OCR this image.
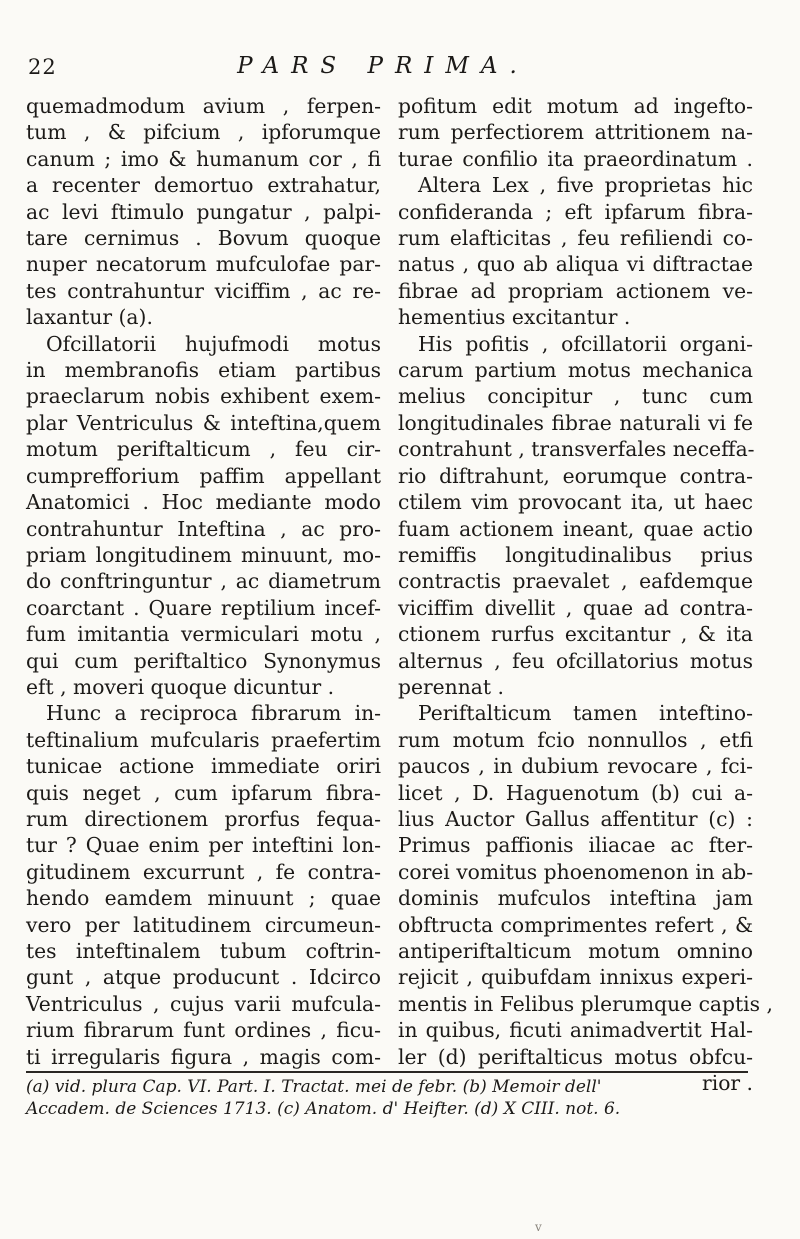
22	PARS PRIMA.
quemadmodum avium , ferpen-
tum , & pifcium , ipforumque
canum ; imo & humanum cor , fi
a recenter demortuo extrahatur,
ac levi ftimulo pungatur , palpi-
tare cernimus . Bovum quoque
nuper necatorum mufculofae par-
tes contrahuntur viciffim , ac re-
laxantur (a).
Ofcillatorii hujufmodi motus
in membranofis etiam partibus
praeclarum nobis exhibent exem-
plar Ventriculus & inteftina,quem
motum periftalticum , feu cir-
cumprefforium paffim appellant
Anatomici . Hoc mediante modo
contrahuntur Inteftina , ac pro-
priam longitudinem minuunt, mo-
do conftringuntur , ac diametrum
coarctant . Quare reptilium incef-
fum imitantia vermiculari motu ,
qui cum periftaltico Synonymus
eft , moveri quoque dicuntur .
Hunc a reciproca fibrarum in-
teftinalium mufcularis praefertim
tunicae actione immediate oriri
quis neget , cum ipfarum fibra-
rum directionem prorfus fequa-
tur ? Quae enim per inteftini lon-
gitudinem excurrunt , fe contra-
hendo eamdem minuunt ; quae
vero per latitudinem circumeun-
tes inteftinalem tubum coftrin-
gunt , atque producunt . Idcirco
Ventriculus , cujus varii mufcula-
rium fibrarum funt ordines , ficu-
ti irregularis figura , magis com-
pofitum edit motum ad ingefto-
rum perfectiorem attritionem na-
turae confilio ita praeordinatum .
Altera Lex , five proprietas hic
confideranda ; eft ipfarum fibra-
rum elafticitas , feu refiliendi co-
natus , quo ab aliqua vi diftractae
fibrae ad propriam actionem ve-
hementius excitantur .
His pofitis , ofcillatorii organi-
carum partium motus mechanica
melius concipitur , tunc cum
longitudinales fibrae naturali vi fe
contrahunt , transverfales neceffa-
rio diftrahunt, eorumque contra-
ctilem vim provocant ita, ut haec
fuam actionem ineant, quae actio
remiffis longitudinalibus prius
contractis praevalet , eafdemque
viciffim divellit , quae ad contra-
ctionem rurfus excitantur , & ita
alternus , feu ofcillatorius motus
perennat .
Periftalticum tamen inteftino-
rum motum fcio nonnullos , etfi
paucos , in dubium revocare , fci-
licet , D. Haguenotum (b) cui a-
lius Auctor Gallus affentitur (c) :
Primus paffionis iliacae ac fter-
corei vomitus phoenomenon in ab-
dominis mufculos inteftina jam
obftructa comprimentes refert , &
antiperiftalticum motum omnino
rejicit , quibufdam innixus experi-
mentis in Felibus plerumque captis ,
in quibus, ficuti animadvertit Hal-
ler (d) periftalticus motus obfcu-
rior .
(a) vid. plura Cap. VI. Part. I. Tractat. mei de febr. (b) Memoir dell'
Accadem. de Sciences 1713. (c) Anatom. d' Heifter. (d) X CIII. not. 6.
v
